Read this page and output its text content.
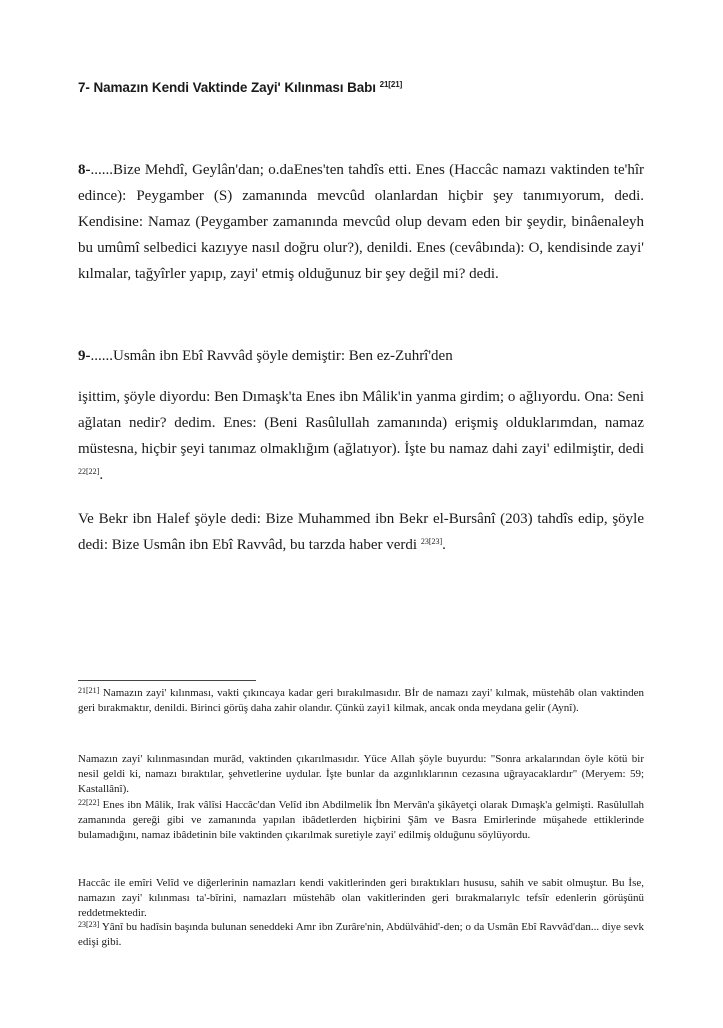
7- Namazın Kendi Vaktinde Zayi' Kılınması Babı $^{21[21]}$

8-......Bize Mehdî, Geylân'dan; o.daEnes'ten tahdîs etti. Enes (Haccâc namazı vaktinden te'hîr edince): Peygamber (S) zamanında mevcûd olanlardan hiçbir şey tanımıyorum, dedi. Kendisine: Namaz (Peygamber zamanında mevcûd olup devam eden bir şeydir, binâenaleyh bu umûmî selbedici kazıyye nasıl doğru olur?), denildi. Enes (cevâbında): O, kendisinde zayi' kılmalar, tağyîrler yapıp, zayi' etmiş olduğunuz bir şey değil mi? dedi.

9-......Usmân ibn Ebî Ravvâd şöyle demiştir: Ben ez-Zuhrî'den

işittim, şöyle diyordu: Ben Dımaşk'ta Enes ibn Mâlik'in yanma girdim; o ağlıyordu. Ona: Seni ağlatan nedir? dedim. Enes: (Beni Rasûlullah zamanında) erişmiş olduklarımdan, namaz müstesna, hiçbir şeyi tanımaz olmaklığım (ağlatıyor). İşte bu namaz dahi zayi' edilmiştir, dedi $^{22[22]}$.

Ve Bekr ibn Halef şöyle dedi: Bize Muhammed ibn Bekr el-Bursânî (203) tahdîs edip, şöyle dedi: Bize Usmân ibn Ebî Ravvâd, bu tarzda haber verdi $^{23[23]}$.

$^{21[21]}$ Namazın zayi' kılınması, vakti çıkıncaya kadar geri bırakılmasıdır. Bİr de namazı zayi' kılmak, müstehâb olan vaktinden geri bırakmaktır, denildi. Birinci görüş daha zahir olandır. Çünkü zayi1 kilmak, ancak onda meydana gelir (Aynî).

Namazın zayi' kılınmasından murâd, vaktinden çıkarılmasıdır. Yüce Allah şöyle buyurdu: "Sonra arkalarından öyle kötü bir nesil geldi ki, namazı bıraktılar, şehvetlerine uydular. İşte bunlar da azgınlıklarının cezasına uğrayacaklardır" (Meryem: 59; Kastallânî).

$^{22[22]}$ Enes ibn Mâlik, Irak vâlîsi Haccâc'dan Velîd ibn Abdilmelik İbn Mervân'a şikâyetçi olarak Dımaşk'a gelmişti. Rasûlullah zamanında gereği gibi ve zamanında yapılan ibâdetlerden hiçbirini Şâm ve Basra Emirlerinde müşahede ettiklerinde bulamadığını, namaz ibâdetinin bile vaktinden çıkarılmak suretiyle zayi' edilmiş olduğunu söylüyordu.

Haccâc ile emîri Velîd ve diğerlerinin namazları kendi vakitlerinden geri bıraktıkları hususu, sahih ve sabit olmuştur. Bu İse, namazın zayi' kılınması ta'-bîrini, namazları müstehâb olan vakitlerinden geri bırakmalarıylc tefsîr edenlerin görüşünü reddetmektedir.

$^{23[23]}$ Yânî bu hadîsin başında bulunan seneddeki Amr ibn Zurâre'nin, Abdülvâhid'-den; o da Usmân Ebî Ravvâd'dan... diye sevk edişi gibi.
